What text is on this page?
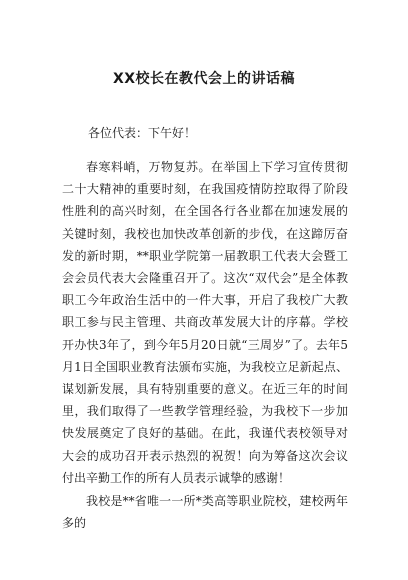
XX校长在教代会上的讲话稿
各位代表：下午好！
春寒料峭，万物复苏。在举国上下学习宣传贯彻二十大精神的重要时刻，在我国疫情防控取得了阶段性胜利的高兴时刻，在全国各行各业都在加速发展的关键时刻，我校也加快改革创新的步伐，在这蹄厉奋发的新时期，**职业学院第一届教职工代表大会暨工会会员代表大会隆重召开了。这次“双代会”是全体教职工今年政治生活中的一件大事，开启了我校广大教职工参与民主管理、共商改革发展大计的序幕。学校开办快3年了，到今年5月20日就“三周岁”了。去年5月1日全国职业教育法颁布实施，为我校立足新起点、谋划新发展，具有特别重要的意义。在近三年的时间里，我们取得了一些教学管理经验，为我校下一步加快发展奠定了良好的基础。在此，我谨代表校领导对大会的成功召开表示热烈的祝贺！向为筹备这次会议付出辛勤工作的所有人员表示诚挚的感谢！
我校是**省唯一一所*类高等职业院校，建校两年多的
